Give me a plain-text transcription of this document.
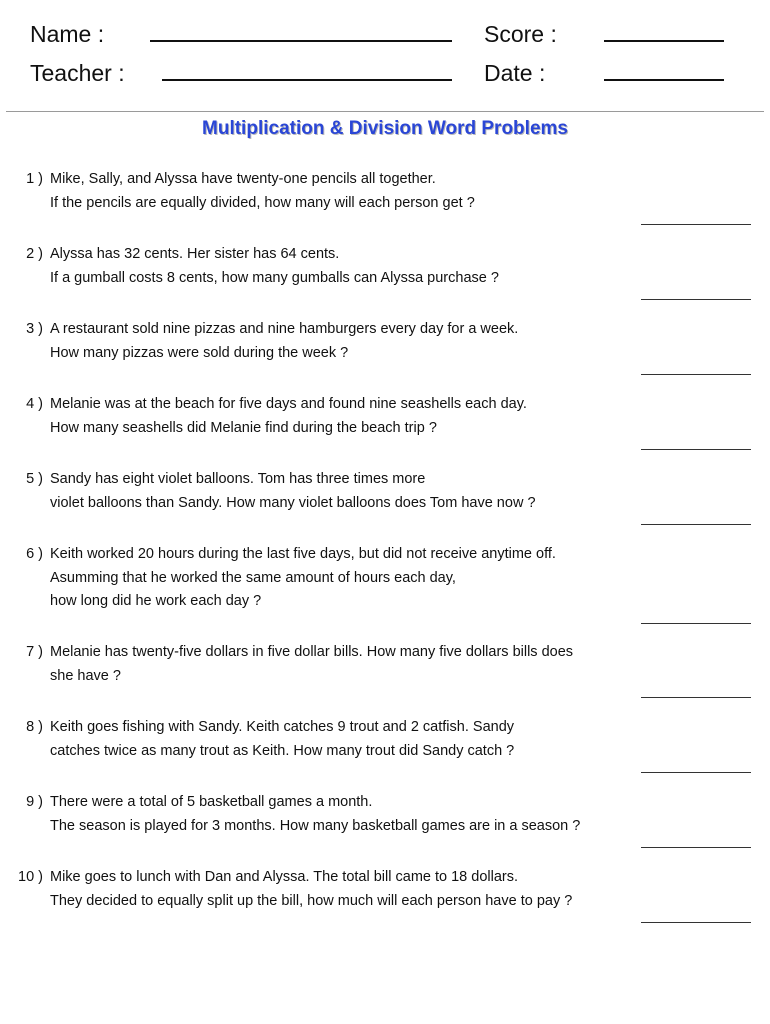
Name :	Score :
Teacher :	Date :
Multiplication & Division Word Problems
1 ) Mike, Sally, and Alyssa have twenty-one pencils all together.
If the pencils are equally divided, how many will each person get ?
2 ) Alyssa has 32 cents. Her sister has 64 cents.
If a gumball costs 8 cents, how many gumballs can Alyssa purchase ?
3 ) A restaurant sold nine pizzas and nine hamburgers every day for a week.
How many pizzas were sold during the week ?
4 ) Melanie was at the beach for five days and found nine seashells each day.
How many seashells did Melanie find during the beach trip ?
5 ) Sandy has eight violet balloons. Tom has three times more
violet balloons than Sandy. How many violet balloons does Tom have now ?
6 ) Keith worked 20 hours during the last five days, but did not receive anytime off.
Asumming that he worked the same amount of hours each day,
how long did he work each day ?
7 ) Melanie has twenty-five dollars in five dollar bills. How many five dollars bills does
she have ?
8 ) Keith goes fishing with Sandy. Keith catches 9 trout and 2 catfish. Sandy
catches twice as many trout as Keith. How many trout did Sandy catch ?
9 ) There were a total of 5 basketball games a month.
The season is played for 3 months. How many basketball games are in a season ?
10 ) Mike goes to lunch with Dan and Alyssa. The total bill came to 18 dollars.
They decided to equally split up the bill, how much will each person have to pay ?
